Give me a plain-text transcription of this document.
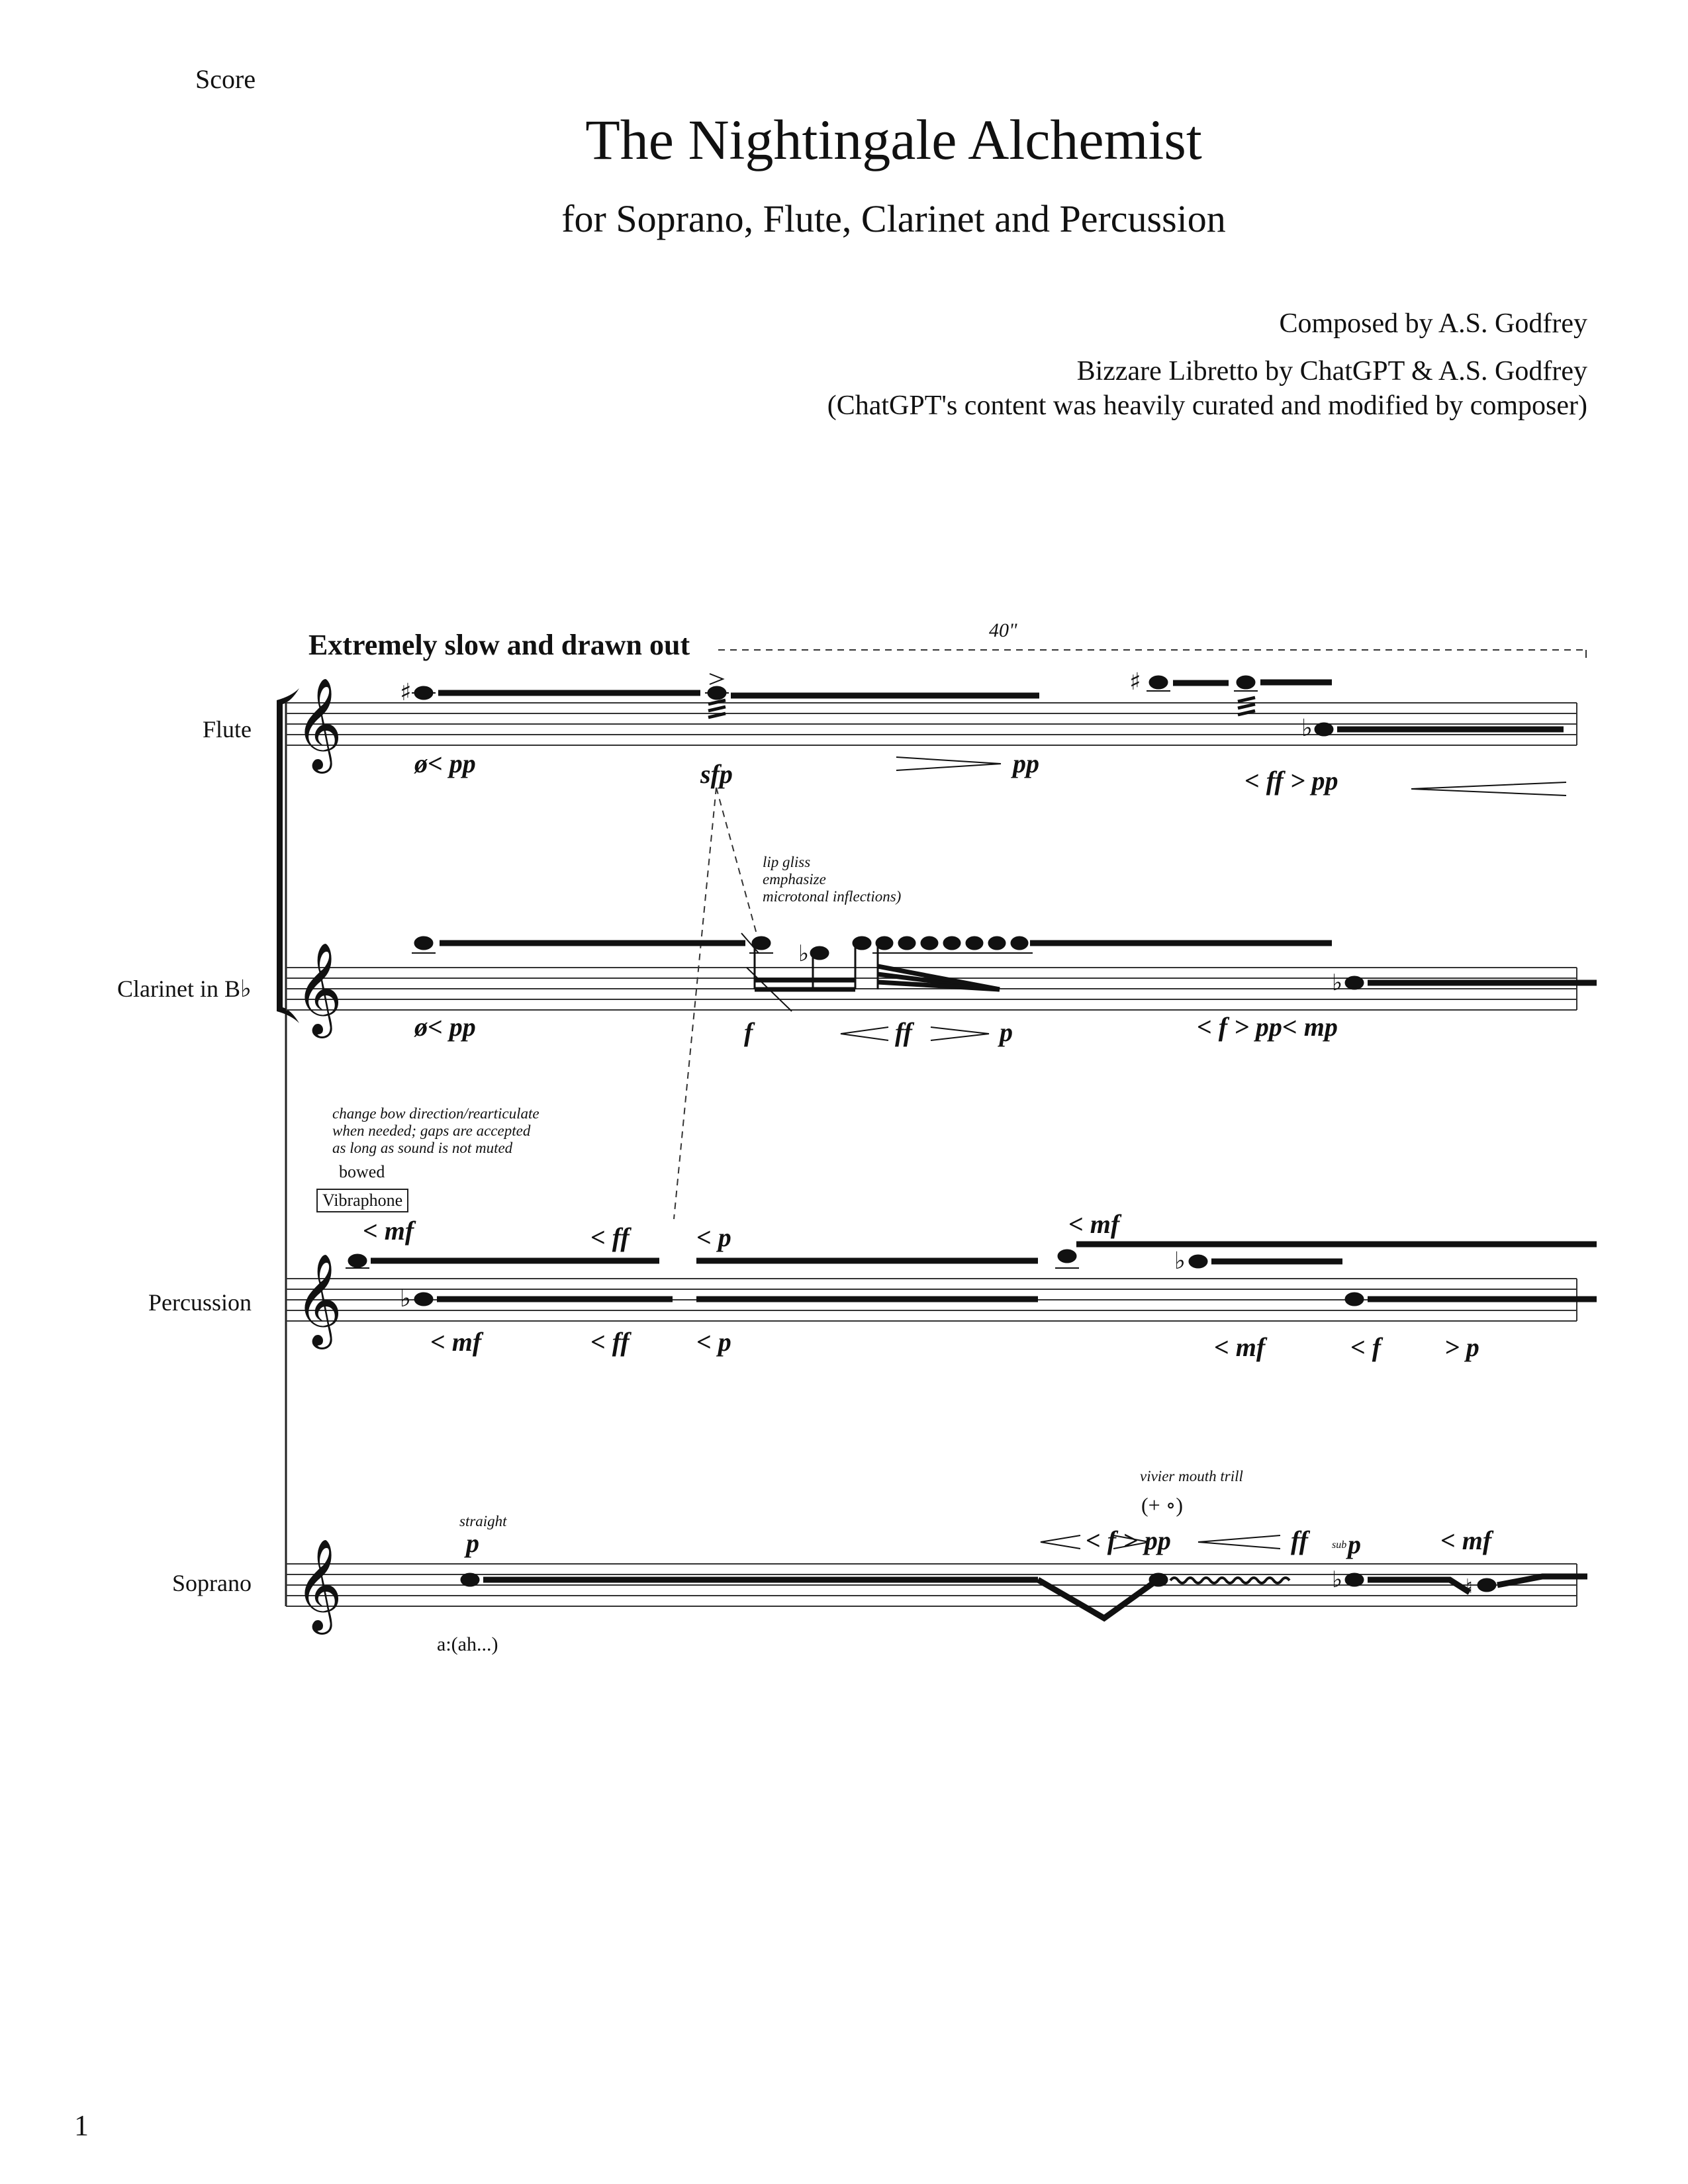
Score
The Nightingale Alchemist
for Soprano, Flute, Clarinet and Percussion
Composed by A.S. Godfrey
Bizzare Libretto by ChatGPT & A.S. Godfrey
(ChatGPT's content was heavily curated and modified by composer)
Extremely slow and drawn out	40"
Flute
Clarinet in B♭
Percussion
Soprano
𝄞
𝄞
𝄞
𝄞
♯	♯
♭
♭
♭
♭
♭
♭	♮
ø< pp	sfp	pp
< ff > pp
lip gliss
emphasize
microtonal inflections)
ø< pp	f	ff	p	< f > pp< mp
change bow direction/rearticulate
when needed; gaps are accepted
as long as sound is not muted
bowed
Vibraphone
< mf	< ff	< p	< mf
< mf	< ff	< p	< mf	< f > p
straight
p
vivier mouth trill
(+ ∘)
< f > pp	ff sub p	< mf
a:(ah...)
1
